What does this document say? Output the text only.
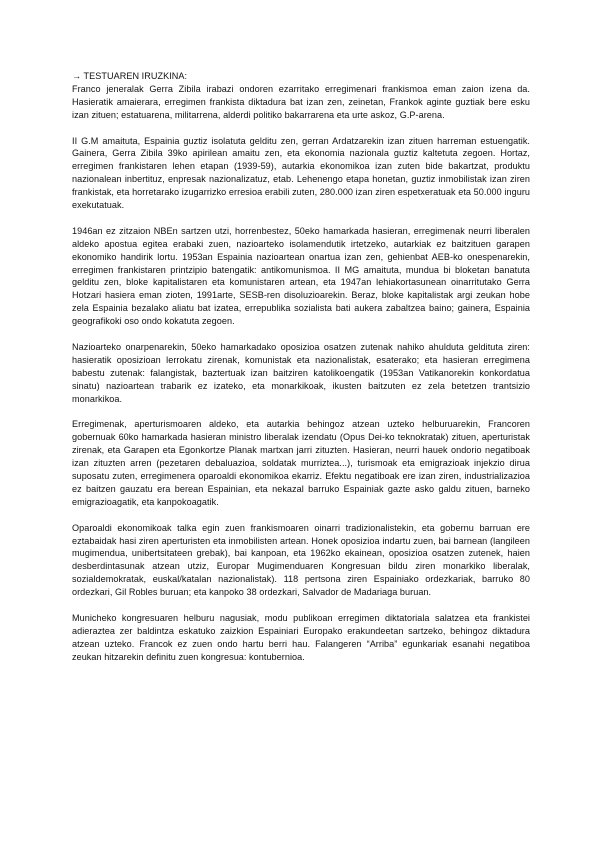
→ TESTUAREN IRUZKINA:

Franco jeneralak Gerra Zibila irabazi ondoren ezarritako erregimenari frankismoa eman zaion izena da. Hasieratik amaierara, erregimen frankista diktadura bat izan zen, zeinetan, Frankok aginte guztiak bere esku izan zituen; estatuarena, militarrena, alderdi politiko bakarrarena eta urte askoz, G.P-arena.

II G.M amaituta, Espainia guztiz isolatuta gelditu zen, gerran Ardatzarekin izan zituen harreman estuengatik. Gainera, Gerra Zibila 39ko apirilean amaitu zen, eta ekonomia nazionala guztiz kaltetuta zegoen. Hortaz, erregimen frankistaren lehen etapan (1939-59), autarkia ekonomikoa izan zuten bide bakartzat, produktu nazionalean inbertituz, enpresak nazionalizatuz, etab. Lehenengo etapa honetan, guztiz inmobilistak izan ziren frankistak, eta horretarako izugarrizko erresioa erabili zuten, 280.000 izan ziren espetxeratuak eta 50.000 inguru exekutatuak.

1946an ez zitzaion NBEn sartzen utzi, horrenbestez, 50eko hamarkada hasieran, erregimenak neurri liberalen aldeko apostua egitea erabaki zuen, nazioarteko isolamendutik irtetzeko, autarkiak ez baitzituen garapen ekonomiko handirik lortu. 1953an Espainia nazioartean onartua izan zen, gehienbat AEB-ko onespenarekin, erregimen frankistaren printzipio batengatik: antikomunismoa. II MG amaituta, mundua bi bloketan banatuta gelditu zen, bloke kapitalistaren eta komunistaren artean, eta 1947an lehiakortasunean oinarritutako Gerra Hotzari hasiera eman zioten, 1991arte, SESB-ren disoluzioarekin. Beraz, bloke kapitalistak argi zeukan hobe zela Espainia bezalako aliatu bat izatea, errepublika sozialista bati aukera zabaltzea baino; gainera, Espainia geografikoki oso ondo kokatuta zegoen.

Nazioarteko onarpenarekin, 50eko hamarkadako oposizioa osatzen zutenak nahiko ahulduta geldituta ziren: hasieratik oposizioan lerrokatu zirenak, komunistak eta nazionalistak, esaterako; eta hasieran erregimena babestu zutenak: falangistak, baztertuak izan baitziren katolikoengatik (1953an Vatikanorekin konkordatua sinatu) nazioartean trabarik ez izateko, eta monarkikoak, ikusten baitzuten ez zela betetzen trantsizio monarkikoa.

Erregimenak, aperturismoaren aldeko, eta autarkia behingoz atzean uzteko helburuarekin, Francoren gobernuak 60ko hamarkada hasieran ministro liberalak izendatu (Opus Dei-ko teknokratak) zituen, aperturistak zirenak, eta Garapen eta Egonkortze Planak martxan jarri zituzten. Hasieran, neurri hauek ondorio negatiboak izan zituzten arren (pezetaren debaluazioa, soldatak murriztea...), turismoak eta emigrazioak injekzio dirua suposatu zuten, erregimenera oparoaldi ekonomikoa ekarriz. Efektu negatiboak ere izan ziren, industrializazioa ez baitzen gauzatu era berean Espainian, eta nekazal barruko Espainiak gazte asko galdu zituen, barneko emigrazioagatik, eta kanpokoagatik.

Oparoaldi ekonomikoak talka egin zuen frankismoaren oinarri tradizionalistekin, eta gobernu barruan ere eztabaidak hasi ziren aperturisten eta inmobilisten artean. Honek oposizioa indartu zuen, bai barnean (langileen mugimendua, unibertsitateen grebak), bai kanpoan, eta 1962ko ekainean, oposizioa osatzen zutenek, haien desberdintasunak atzean utziz, Europar Mugimenduaren Kongresuan bildu ziren monarkiko liberalak, sozialdemokratak, euskal/katalan nazionalistak). 118 pertsona ziren Espainiako ordezkariak, barruko 80 ordezkari, Gil Robles buruan; eta kanpoko 38 ordezkari, Salvador de Madariaga buruan.

Municheko kongresuaren helburu nagusiak, modu publikoan erregimen diktatoriala salatzea eta frankistei adieraztea zer baldintza eskatuko zaizkion Espainiari Europako erakundeetan sartzeko, behingoz diktadura atzean uzteko. Francok ez zuen ondo hartu berri hau. Falangeren “Arriba” egunkariak esanahi negatiboa zeukan hitzarekin definitu zuen kongresua: kontubernioa.
